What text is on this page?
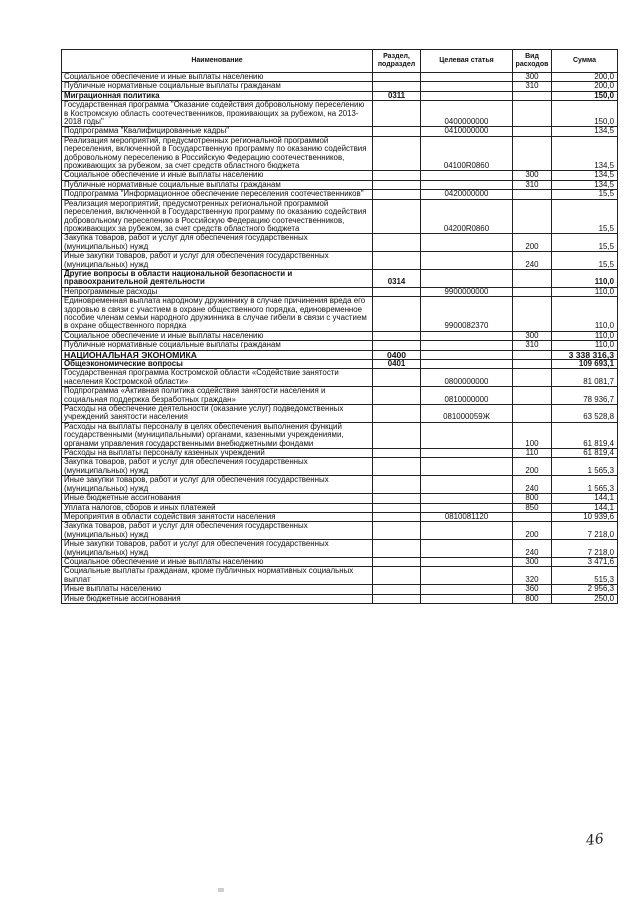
Наименование	Раздел, подраздел	Целевая статья	Вид расходов	Сумма
Социальное обеспечение и иные выплаты населению			300	200,0
Публичные нормативные социальные выплаты гражданам			310	200,0
Миграционная политика	0311			150,0
Государственная программа "Оказание содействия добровольному переселению в Костромскую область соотечественников, проживающих за рубежом, на 2013-2018 годы"		0400000000		150,0
Подпрограмма "Квалифицированные кадры"		0410000000		134,5
Реализация мероприятий, предусмотренных региональной программой переселения, включенной в Государственную программу по оказанию содействия добровольному переселению в Российскую Федерацию соотечественников, проживающих за рубежом, за счет средств областного бюджета		04100R0860		134,5
Социальное обеспечение и иные выплаты населению			300	134,5
Публичные нормативные социальные выплаты гражданам			310	134,5
Подпрограмма "Информационное обеспечение переселения соотечественников"		0420000000		15,5
Реализация мероприятий, предусмотренных региональной программой переселения, включенной в Государственную программу по оказанию содействия добровольному переселению в Российскую Федерацию соотечественников, проживающих за рубежом, за счет средств областного бюджета		04200R0860		15,5
Закупка товаров, работ и услуг для обеспечения государственных (муниципальных) нужд			200	15,5
Иные закупки товаров, работ и услуг для обеспечения государственных (муниципальных) нужд			240	15,5
Другие вопросы в области национальной безопасности и правоохранительной деятельности	0314			110,0
Непрограммные расходы		9900000000		110,0
Единовременная выплата народному дружиннику в случае причинения вреда его здоровью в связи с участием в охране общественного порядка, единовременное пособие членам семьи народного дружинника в случае гибели в связи с участием в охране общественного порядка		9900082370		110,0
Социальное обеспечение и иные выплаты населению			300	110,0
Публичные нормативные социальные выплаты гражданам			310	110,0
НАЦИОНАЛЬНАЯ ЭКОНОМИКА	0400			3 338 316,3
Общеэкономические вопросы	0401			109 693,1
Государственная программа Костромской области «Содействие занятости населения Костромской области»		0800000000		81 081,7
Подпрограмма «Активная политика содействия занятости населения и социальная поддержка безработных граждан»		0810000000		78 936,7
Расходы на обеспечение деятельности (оказание услуг) подведомственных учреждений занятости населения		081000059Ж		63 528,8
Расходы на выплаты персоналу в целях обеспечения выполнения функций государственными (муниципальными) органами, казенными учреждениями, органами управления государственными внебюджетными фондами			100	61 819,4
Расходы на выплаты персоналу казенных учреждений			110	61 819,4
Закупка товаров, работ и услуг для обеспечения государственных (муниципальных) нужд			200	1 565,3
Иные закупки товаров, работ и услуг для обеспечения государственных (муниципальных) нужд			240	1 565,3
Иные бюджетные ассигнования			800	144,1
Уплата налогов, сборов и иных платежей			850	144,1
Мероприятия в области содействия занятости населения		0810081120		10 939,6
Закупка товаров, работ и услуг для обеспечения государственных (муниципальных) нужд			200	7 218,0
Иные закупки товаров, работ и услуг для обеспечения государственных (муниципальных) нужд			240	7 218,0
Социальное обеспечение и иные выплаты населению			300	3 471,6
Социальные выплаты гражданам, кроме публичных нормативных социальных выплат			320	515,3
Иные выплаты населению			360	2 956,3
Иные бюджетные ассигнования			800	250,0
46
